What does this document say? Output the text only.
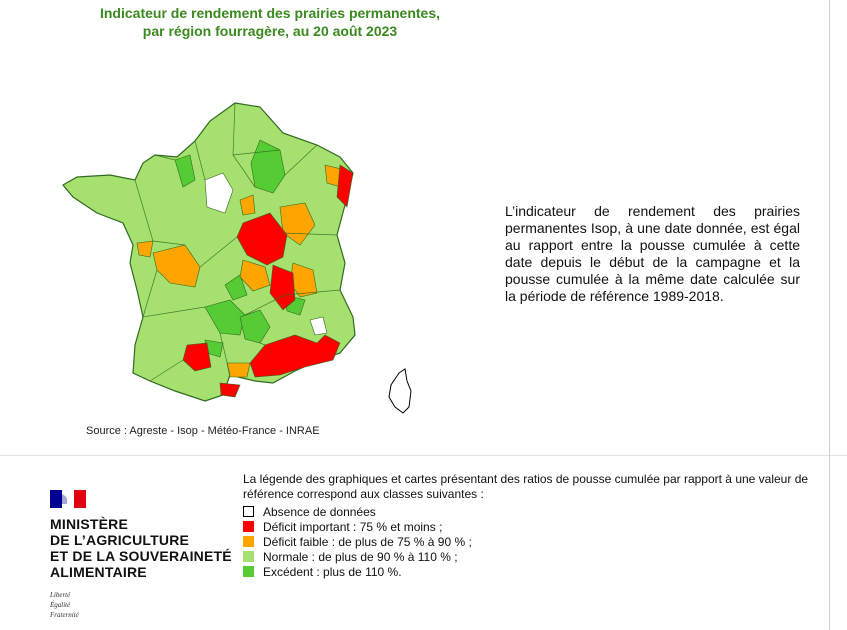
Indicateur de rendement des prairies permanentes,
par région fourragère, au 20 août 2023
L’indicateur de rendement des prairies permanentes Isop, à une date donnée, est égal au rapport entre la pousse cumulée à cette date depuis le début de la campagne et la pousse cumulée à la même date calculée sur la période de référence 1989-2018.
Source : Agreste - Isop - Météo-France - INRAE
MINISTÈRE
DE L’AGRICULTURE
ET DE LA SOUVERAINETÉ
ALIMENTAIRE
Liberté
Égalité
Fraternité
La légende des graphiques et cartes présentant des ratios de pousse cumulée par rapport à une valeur de référence correspond aux classes suivantes :
Absence de données
Déficit important : 75 % et moins ;
Déficit faible : de plus de 75 % à 90 % ;
Normale : de plus de 90 % à 110 % ;
Excédent : plus de 110 %.
